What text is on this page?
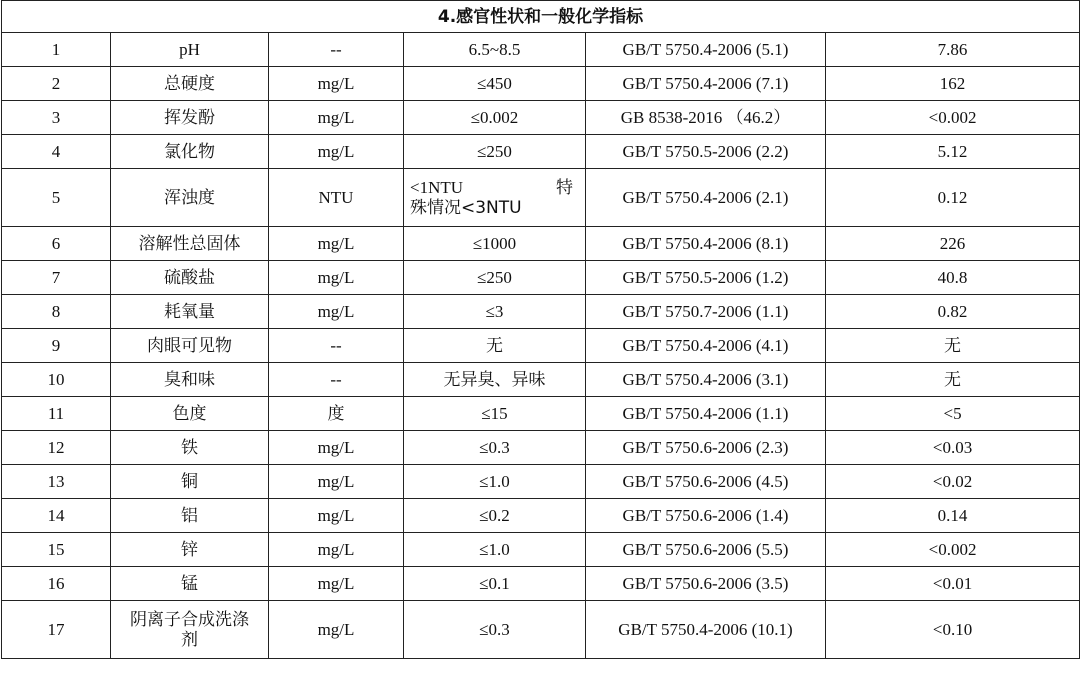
4.感官性状和一般化学指标					
1	pH	--	6.5~8.5	GB/T 5750.4-2006 (5.1)	7.86
2	总硬度	mg/L	≤450	GB/T 5750.4-2006 (7.1)	162
3	挥发酚	mg/L	≤0.002	GB 8538-2016 （46.2）	<0.002
4	氯化物	mg/L	≤250	GB/T 5750.5-2006 (2.2)	5.12
5	浑浊度	NTU	<1NTU 特
殊情况<3NTU	GB/T 5750.4-2006 (2.1)	0.12
6	溶解性总固体	mg/L	≤1000	GB/T 5750.4-2006 (8.1)	226
7	硫酸盐	mg/L	≤250	GB/T 5750.5-2006 (1.2)	40.8
8	耗氧量	mg/L	≤3	GB/T 5750.7-2006 (1.1)	0.82
9	肉眼可见物	--	无	GB/T 5750.4-2006 (4.1)	无
10	臭和味	--	无异臭、异味	GB/T 5750.4-2006 (3.1)	无
11	色度	度	≤15	GB/T 5750.4-2006 (1.1)	<5
12	铁	mg/L	≤0.3	GB/T 5750.6-2006 (2.3)	<0.03
13	铜	mg/L	≤1.0	GB/T 5750.6-2006 (4.5)	<0.02
14	铝	mg/L	≤0.2	GB/T 5750.6-2006 (1.4)	0.14
15	锌	mg/L	≤1.0	GB/T 5750.6-2006 (5.5)	<0.002
16	锰	mg/L	≤0.1	GB/T 5750.6-2006 (3.5)	<0.01
17	阴离子合成洗涤
剂	mg/L	≤0.3	GB/T 5750.4-2006 (10.1)	<0.10
